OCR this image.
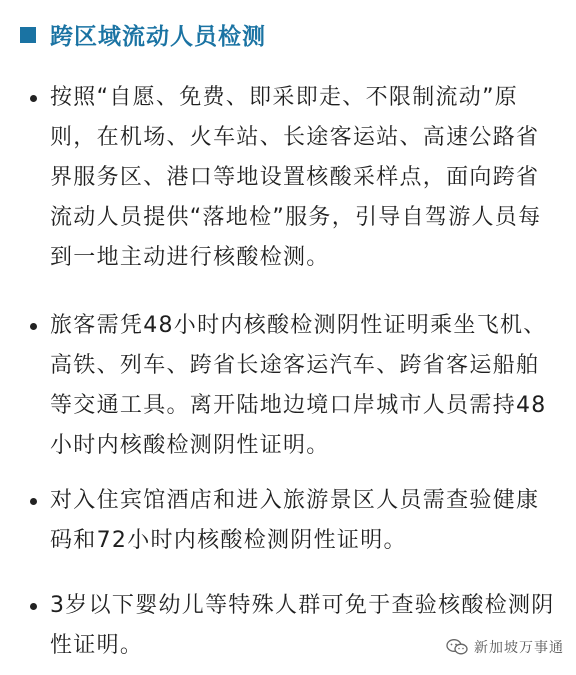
跨区域流动人员检测
按照“自愿、免费、即采即走、不限制流动”原则，在机场、火车站、长途客运站、高速公路省界服务区、港口等地设置核酸采样点，面向跨省流动人员提供“落地检”服务，引导自驾游人员每到一地主动进行核酸检测。
旅客需凭48小时内核酸检测阴性证明乘坐飞机、高铁、列车、跨省长途客运汽车、跨省客运船舶等交通工具。离开陆地边境口岸城市人员需持48小时内核酸检测阴性证明。
对入住宾馆酒店和进入旅游景区人员需查验健康码和72小时内核酸检测阴性证明。
3岁以下婴幼儿等特殊人群可免于查验核酸检测阴性证明。	新加坡万事通
